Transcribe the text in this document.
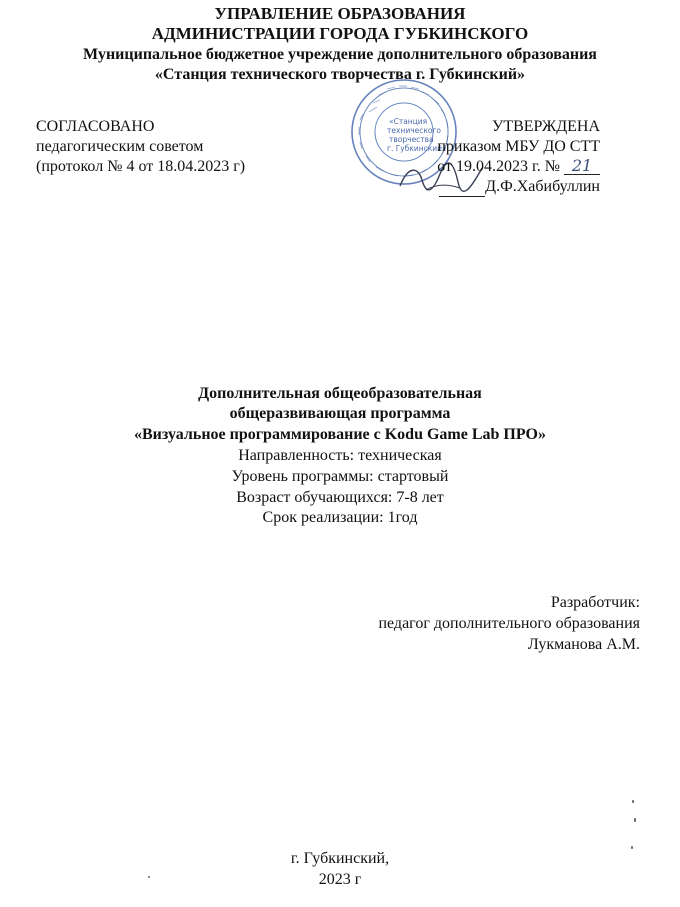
УПРАВЛЕНИЕ ОБРАЗОВАНИЯ
АДМИНИСТРАЦИИ ГОРОДА ГУБКИНСКОГО
Муниципальное бюджетное учреждение дополнительного образования
«Станция технического творчества г. Губкинский»
«Станция
технического
творчества
г. Губкинский»
СОГЛАСОВАНО
педагогическим советом
(протокол № 4 от 18.04.2023 г)
УТВЕРЖДЕНА
приказом МБУ ДО СТТ
от 19.04.2023 г. № 21
Д.Ф.Хабибуллин
Дополнительная общеобразовательная
общеразвивающая программа
«Визуальное программирование с Kodu Game Lab ПРО»
Направленность: техническая
Уровень программы: стартовый
Возраст обучающихся: 7-8 лет
Срок реализации: 1год
Разработчик:
педагог дополнительного образования
Лукманова А.М.
г. Губкинский,
2023 г
